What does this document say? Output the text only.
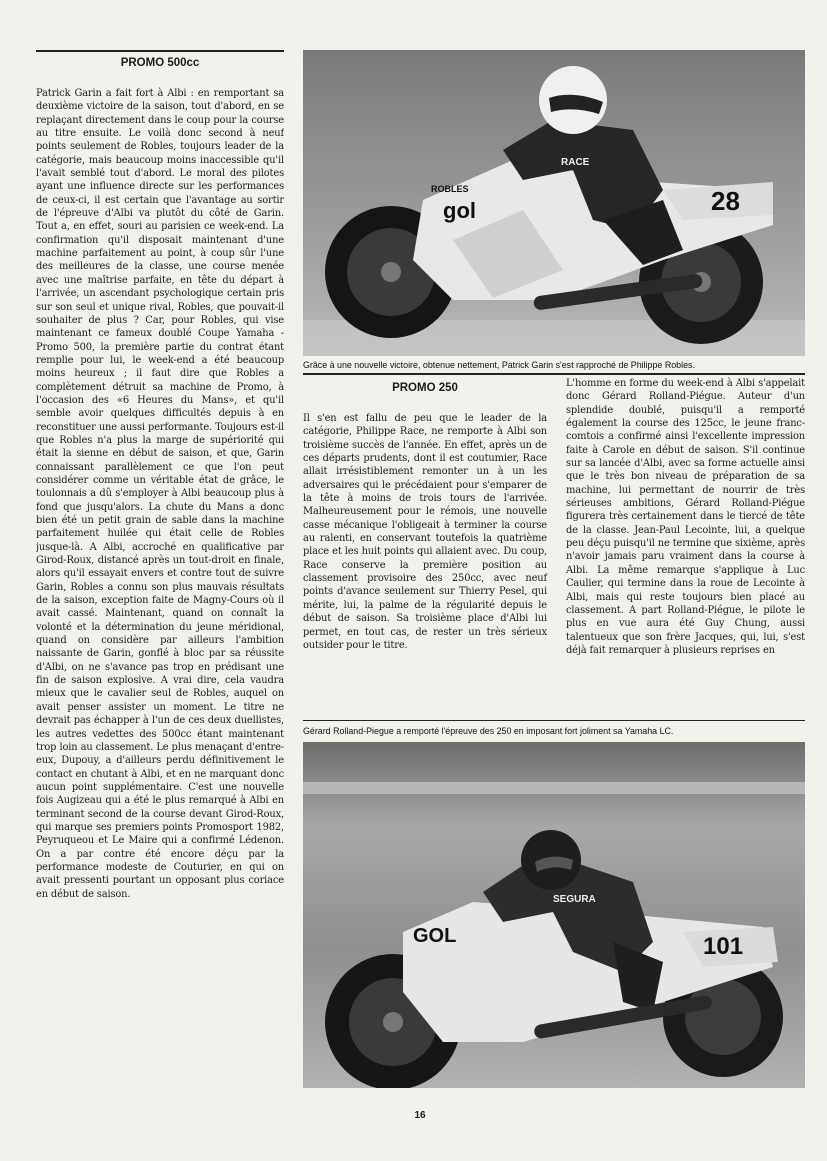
PROMO 500cc

Patrick Garin a fait fort à Albi : en remportant sa deuxième victoire de la saison, tout d'abord, en se replaçant directement dans le coup pour la course au titre ensuite. Le voilà donc second à neuf points seulement de Robles, toujours leader de la catégorie, mais beaucoup moins inaccessible qu'il l'avait semblé tout d'abord. Le moral des pilotes ayant une influence directe sur les performances de ceux-ci, il est certain que l'avantage au sortir de l'épreuve d'Albi va plutôt du côté de Garin. Tout a, en effet, souri au parisien ce week-end. La confirmation qu'il disposait maintenant d'une machine parfaitement au point, à coup sûr l'une des meilleures de la classe, une course menée avec une maîtrise parfaite, en tête du départ à l'arrivée, un ascendant psychologique certain pris sur son seul et unique rival, Robles, que pouvait-il souhaiter de plus ? Car, pour Robles, qui vise maintenant ce fameux doublé Coupe Yamaha - Promo 500, la première partie du contrat étant remplie pour lui, le week-end a été beaucoup moins heureux ; il faut dire que Robles a complètement détruit sa machine de Promo, à l'occasion des «6 Heures du Mans», et qu'il semble avoir quelques difficultés depuis à en reconstituer une aussi performante. Toujours est-il que Robles n'a plus la marge de supériorité qui était la sienne en début de saison, et que, Garin connaissant parallèlement ce que l'on peut considérer comme un véritable état de grâce, le toulonnais a dû s'employer à Albi beaucoup plus à fond que jusqu'alors. La chute du Mans a donc bien été un petit grain de sable dans la machine parfaitement huilée qui était celle de Robles jusque-là. A Albi, accroché en qualificative par Girod-Roux, distancé après un tout-droit en finale, alors qu'il essayait envers et contre tout de suivre Garin, Robles a connu son plus mauvais résultats de la saison, exception faite de Magny-Cours où il avait cassé. Maintenant, quand on connaît la volonté et la détermination du jeune méridional, quand on considère par ailleurs l'ambition naissante de Garin, gonflé à bloc par sa réussite d'Albi, on ne s'avance pas trop en prédisant une fin de saison explosive. A vrai dire, cela vaudra mieux que le cavalier seul de Robles, auquel on avait penser assister un moment. Le titre ne devrait pas échapper à l'un de ces deux duellistes, les autres vedettes des 500cc étant maintenant trop loin au classement. Le plus menaçant d'entre-eux, Dupouy, a d'ailleurs perdu définitivement le contact en chutant à Albi, et en ne marquant donc aucun point supplémentaire. C'est une nouvelle fois Augizeau qui a été le plus remarqué à Albi en terminant second de la course devant Girod-Roux, qui marque ses premiers points Promosport 1982, Peyruqueou et Le Maire qui a confirmé Lédenon. On a par contre été encore déçu par la performance modeste de Couturier, en qui on avait pressenti pourtant un opposant plus coriace en début de saison.

28
gol
ROBLES
RACE
Grâce à une nouvelle victoire, obtenue nettement, Patrick Garin s'est rapproché de Philippe Robles.
PROMO 250

Il s'en est fallu de peu que le leader de la catégorie, Philippe Race, ne remporte à Albi son troisième succès de l'année. En effet, après un de ces départs prudents, dont il est coutumier, Race allait irrésistiblement remonter un à un les adversaires qui le précédaient pour s'emparer de la tête à moins de trois tours de l'arrivée. Malheureusement pour le rémois, une nouvelle casse mécanique l'obligeait à terminer la course au ralenti, en conservant toutefois la quatrième place et les huit points qui allaient avec. Du coup, Race conserve la première position au classement provisoire des 250cc, avec neuf points d'avance seulement sur Thierry Pesel, qui mérite, lui, la palme de la régularité depuis le début de saison. Sa troisième place d'Albi lui permet, en tout cas, de rester un très sérieux outsider pour le titre.

L'homme en forme du week-end à Albi s'appelait donc Gérard Rolland-Piégue. Auteur d'un splendide doublé, puisqu'il a remporté également la course des 125cc, le jeune franc-comtois a confirmé ainsi l'excellente impression faite à Carole en début de saison. S'il continue sur sa lancée d'Albi, avec sa forme actuelle ainsi que le très bon niveau de préparation de sa machine, lui permettant de nourrir de très sérieuses ambitions, Gérard Rolland-Piégue figurera très certainement dans le tiercé de tête de la classe. Jean-Paul Lecointe, lui, a quelque peu déçu puisqu'il ne termine que sixième, après n'avoir jamais paru vraiment dans la course à Albi. La même remarque s'applique à Luc Caulier, qui termine dans la roue de Lecointe à Albi, mais qui reste toujours bien placé au classement. A part Rolland-Piégue, le pilote le plus en vue aura été Guy Chung, aussi talentueux que son frère Jacques, qui, lui, s'est déjà fait remarquer à plusieurs reprises en

Gérard Rolland-Piegue a remporté l'épreuve des 250 en imposant fort joliment sa Yamaha LC.
101
GOL
SEGURA
16
